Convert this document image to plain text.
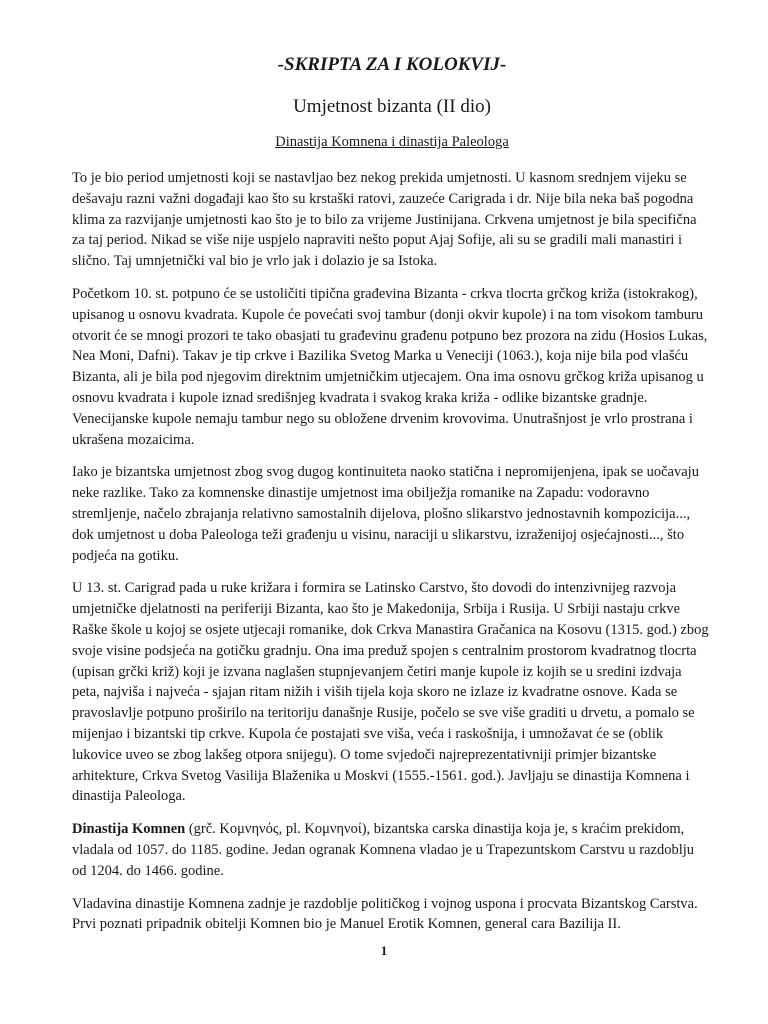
-SKRIPTA ZA I KOLOKVIJ-
Umjetnost bizanta (II dio)
Dinastija Komnena i dinastija Paleologa

To je bio period umjetnosti koji se nastavljao bez nekog prekida umjetnosti. U kasnom srednjem vijeku se dešavaju razni važni događaji kao što su krstaški ratovi, zauzeće Carigrada i dr. Nije bila neka baš pogodna klima za razvijanje umjetnosti kao što je to bilo za vrijeme Justinijana. Crkvena umjetnost je bila specifična za taj period. Nikad se više nije uspjelo napraviti nešto poput Ajaj Sofije, ali su se gradili mali manastiri i slično. Taj umnjetnički val bio je vrlo jak i dolazio je sa Istoka.

Početkom 10. st. potpuno će se ustoličiti tipična građevina Bizanta - crkva tlocrta grčkog križa (istokrakog), upisanog u osnovu kvadrata. Kupole će povećati svoj tambur (donji okvir kupole) i na tom visokom tamburu otvorit će se mnogi prozori te tako obasjati tu građevinu građenu potpuno bez prozora na zidu (Hosios Lukas, Nea Moni, Dafni). Takav je tip crkve i Bazilika Svetog Marka u Veneciji (1063.), koja nije bila pod vlašću Bizanta, ali je bila pod njegovim direktnim umjetničkim utjecajem. Ona ima osnovu grčkog križa upisanog u osnovu kvadrata i kupole iznad središnjeg kvadrata i svakog kraka križa - odlike bizantske gradnje. Venecijanske kupole nemaju tambur nego su obložene drvenim krovovima. Unutrašnjost je vrlo prostrana i ukrašena mozaicima.

Iako je bizantska umjetnost zbog svog dugog kontinuiteta naoko statična i nepromijenjena, ipak se uočavaju neke razlike. Tako za komnenske dinastije umjetnost ima obilježja romanike na Zapadu: vodoravno stremljenje, načelo zbrajanja relativno samostalnih dijelova, plošno slikarstvo jednostavnih kompozicija..., dok umjetnost u doba Paleologa teži građenju u visinu, naraciji u slikarstvu, izraženijoj osjećajnosti..., što podjeća na gotiku.

U 13. st. Carigrad pada u ruke križara i formira se Latinsko Carstvo, što dovodi do intenzivnijeg razvoja umjetničke djelatnosti na periferiji Bizanta, kao što je Makedonija, Srbija i Rusija. U Srbiji nastaju crkve Raške škole u kojoj se osjete utjecaji romanike, dok Crkva Manastira Gračanica na Kosovu (1315. god.) zbog svoje visine podsjeća na gotičku gradnju. Ona ima preduž spojen s centralnim prostorom kvadratnog tlocrta (upisan grčki križ) koji je izvana naglašen stupnjevanjem četiri manje kupole iz kojih se u sredini izdvaja peta, najviša i najveća - sjajan ritam nižih i viših tijela koja skoro ne izlaze iz kvadratne osnove. Kada se pravoslavlje potpuno proširilo na teritoriju današnje Rusije, počelo se sve više graditi u drvetu, a pomalo se mijenjao i bizantski tip crkve. Kupola će postajati sve viša, veća i raskošnija, i umnožavat će se (oblik lukovice uveo se zbog lakšeg otpora snijegu). O tome svjedoči najreprezentativniji primjer bizantske arhitekture, Crkva Svetog Vasilija Blaženika u Moskvi (1555.-1561. god.). Javljaju se dinastija Komnena i dinastija Paleologa.

Dinastija Komnen (grč. Κομνηνός, pl. Κομνηνοί), bizantska carska dinastija koja je, s kraćim prekidom, vladala od 1057. do 1185. godine. Jedan ogranak Komnena vladao je u Trapezuntskom Carstvu u razdoblju od 1204. do 1466. godine.

Vladavina dinastije Komnena zadnje je razdoblje političkog i vojnog uspona i procvata Bizantskog Carstva. Prvi poznati pripadnik obitelji Komnen bio je Manuel Erotik Komnen, general cara Bazilija II.

1
